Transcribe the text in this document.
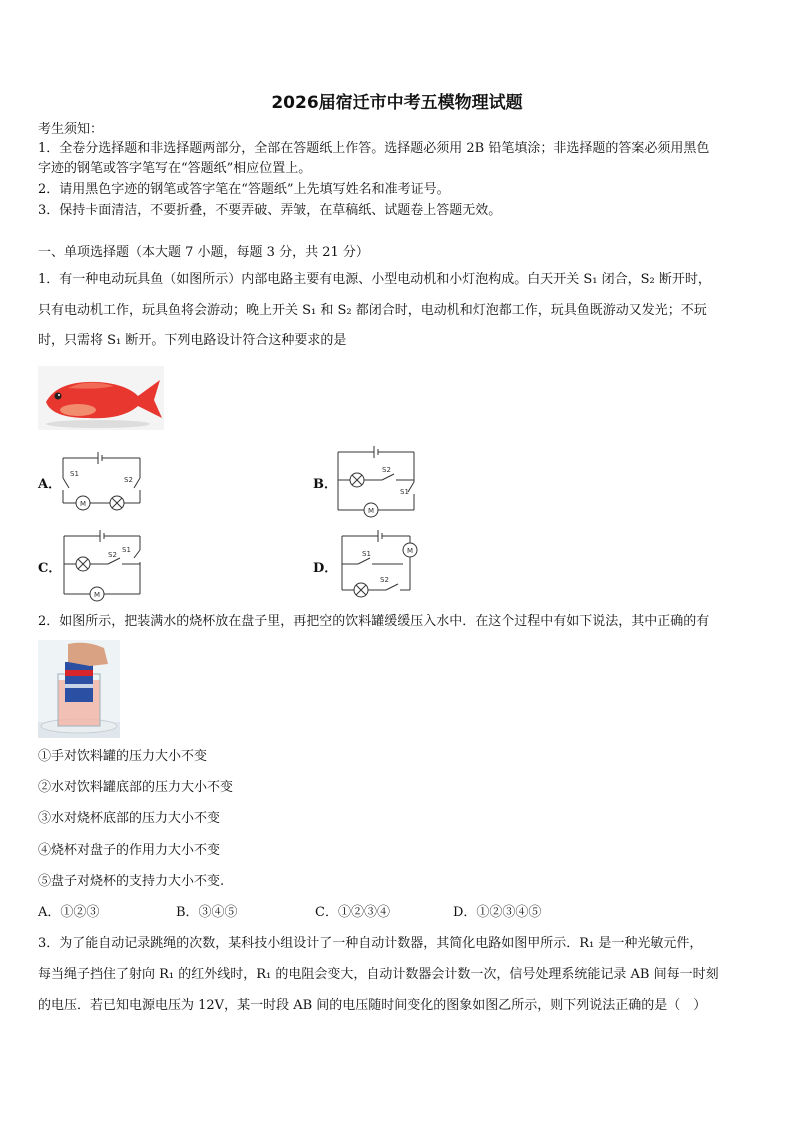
2026届宿迁市中考五模物理试题
考生须知：
1．全卷分选择题和非选择题两部分，全部在答题纸上作答。选择题必须用 2B 铅笔填涂；非选择题的答案必须用黑色
字迹的钢笔或答字笔写在“答题纸”相应位置上。
2．请用黑色字迹的钢笔或答字笔在“答题纸”上先填写姓名和准考证号。
3．保持卡面清洁，不要折叠，不要弄破、弄皱，在草稿纸、试题卷上答题无效。
一、单项选择题（本大题 7 小题，每题 3 分，共 21 分）
1．有一种电动玩具鱼（如图所示）内部电路主要有电源、小型电动机和小灯泡构成。白天开关 S₁ 闭合，S₂ 断开时，
只有电动机工作，玩具鱼将会游动；晚上开关 S₁ 和 S₂ 都闭合时，电动机和灯泡都工作，玩具鱼既游动又发光；不玩
时，只需将 S₁ 断开。下列电路设计符合这种要求的是
A．
S1
S2
M
B．
S2
S1
M
C．
S2
S1
M
D．
M
S1
S2
2．如图所示，把装满水的烧杯放在盘子里，再把空的饮料罐缓缓压入水中．在这个过程中有如下说法，其中正确的有
①手对饮料罐的压力大小不变
②水对饮料罐底部的压力大小不变
③水对烧杯底部的压力大小不变
④烧杯对盘子的作用力大小不变
⑤盘子对烧杯的支持力大小不变.
A．①②③	B．③④⑤	C．①②③④	D．①②③④⑤
3．为了能自动记录跳绳的次数，某科技小组设计了一种自动计数器，其简化电路如图甲所示．R₁ 是一种光敏元件，
每当绳子挡住了射向 R₁ 的红外线时，R₁ 的电阻会变大，自动计数器会计数一次，信号处理系统能记录 AB 间每一时刻
的电压．若已知电源电压为 12V，某一时段 AB 间的电压随时间变化的图象如图乙所示，则下列说法正确的是（　）
